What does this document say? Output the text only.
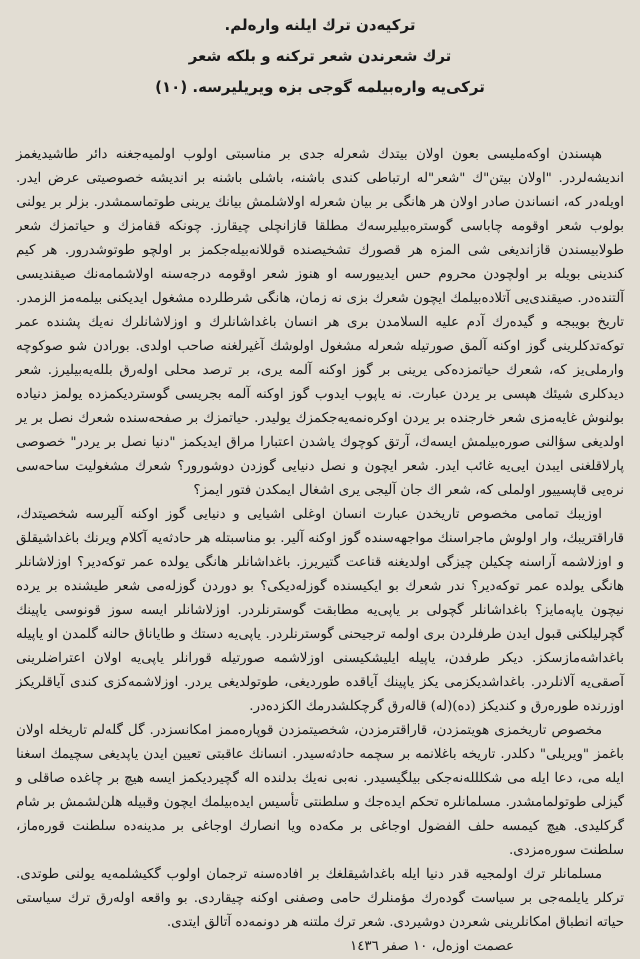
ترکیه‌دن ترك ایلنه واره‌لم.
ترك شعرندن شعر ترکنه و بلکه شعر
ترکی‌یه واره‌بیلمه گوجی بزه ویریلیرسه. (۱۰)

هپسندن اوکه‌ملیسی بعون اولان بیتدك شعرله جدی بر مناسبتی اولوب اولمیه‌جغنه دائر طاشیدیغمز اندیشه‌لردر. "اولان بیتن"ك "شعر"له ارتباطی کندی باشنه، باشلی باشنه بر اندیشه خصوصیتی عرض ایدر. اویله‌در که، انساندن صادر اولان هر هانگی بر بیان شعرله اولاشلمش بیانك یرینی طوتماسمشدر. بزلر بر یولنی بولوب شعر اوقومه چاباسی گوسترەبیلیرسەك مطلقا قازانچلی چیقارز. چونکه قفامزك و حیاتمزك شعر طولابیسندن قازاندیغی شی المزه هر قصورك تشخیصنده قوللانه‌بیله‌جکمز بر اولچو طوتوشدرور. هر کیم کندینی بویله بر اولچودن محروم حس ایدییورسه او هنوز شعر اوقومه درجه‌سنه اولاشمامه‌نك صیقندیسی آلتنده‌در. صیقندی‌یی آتلاده‌بیلمك ایچون شعرك بزی نه زمان، هانگی شرطلرده مشغول ایدیکنی بیلمه‌مز الزمدر. تاریخ بویبجه و گیدەرك آدم علیه السلامدن بری هر انسان باغداشانلرك و اوزلاشانلرك نه‌یك پشنده عمر توکەتدکلرینی گوز اوکنه آلمق صورتیله شعرله مشغول اولوشك آغیرلغنه صاحب اولدی. بورادن شو صوکوچه وارملی‌یز که، شعرك حیاتمزده‌کی یرینی بر گوز اوکنه آلمه یری، بر ترصد محلی اولەرق بللەیه‌بیلیرز. شعر دیدکلری شیئك هپسی بر یردن عبارت. نه یاپوب ایدوب گوز اوکنه آلمه بجریسی گوستردیکمزده یولمز دنیاده بولنوش غایەمزی شعر خارجنده بر یردن اوکره‌نمه‌یه‌جکمزك یولیدر. حیاتمزك بر صفحه‌سنده شعرك نصل بر یر اولدیغی سؤالنی صوره‌بیلمش ایسەك، آرتق کوچوك یاشدن اعتبارا مراق ایدیکمز "دنیا نصل بر یردر" خصوصی پارلاقلغنی ایبدن ایی‌یه غائب ایدر. شعر ایچون و نصل دنیایی گوزدن دوشورور؟ شعرك مشغولیت ساحه‌سی نره‌یی قاپسییور اولملی که، شعر اك جان آلیجی یری اشغال ایمکدن فتور ایمز؟

اوزیبك تمامی مخصوص تاریخدن عبارت انسان اوغلی اشیایی و دنیایی گوز اوکنه آلیرسه شخصیتدك، قاراقتریبك، وار اولوش ماجراسنك مواجهه‌سنده گوز اوکنه آلیر. بو مناسبتله هر حادثه‌یه آکلام ویرنك باغداشیقلق و اوزلاشمه آراسنه چکیلن چیزگی اولدیغنه قناعت گتیریرز. باغداشانلر هانگی یولده عمر توکەدیر؟ اوزلاشانلر هانگی یولده عمر توکەدیر؟ ندر شعرك بو ایکیسنده گوزلەدیکی؟ بو دوردن گوزلەمی شعر طیشنده بر یرده نیچون یاپەمایز؟ باغداشانلر گچولی بر یاپی‌یه مطابقت گوسترنلردر. اوزلاشانلر ایسه سوز قونوسی یاپینك گچرلیلکنی قبول ایدن طرفلردن بری اولمه ترجیحنی گوسترنلردر. یاپی‌یه دستك و طایاناق حالنه گلمدن او یاپیله باغداشه‌مازسکز. دیکر طرفدن، یاپیله ایلیشکیسنی اوزلاشمه صورتیله قورانلر یاپی‌یه اولان اعتراضلرینی آصقی‌یه آلانلردر. باغداشدیکزمی یکز یاپینك آیاقده طوردیغی، طوتولدیغی یردر. اوزلاشمه‌کزی کندی آیاقلریکز اوزرنده طورەرق و کندیکز (ده)(له) قالەرق گرچکلشدرمك الکزده‌در.

مخصوص تاریخمزی هویتمزدن، قاراقترمزدن، شخصیتمزدن قوپارەممز امکانسزدر. گل گلەلم تاریخله اولان باغمز "ویریلی" دکلدر. تاریخه باغلانمه بر سچمه حادثه‌سیدر. انسانك عاقبتی تعیین ایدن یاپدیغی سچیمك اسغنا ایله می، دعا ایله می شکلللەنه‌جکی بیلگیسیدر. نەبی نه‌یك بدلنده اله گچیردیکمز ایسه هیچ بر چاغده صاقلی و گیزلی طوتولمامشدر. مسلمانلره تحکم ایده‌جك و سلطنتی تأسیس ایده‌بیلمك ایچون وقبیله هلن‌لشمش بر شام گرکلیدی. هیچ کیمسه حلف الفضول اوجاغی بر مکه‌ده ویا انصارك اوجاغی بر مدینه‌ده سلطنت قورەماز، سلطنت سوره‌مزدی.

مسلمانلر ترك اولمجیه قدر دنیا ایله باغداشیقلغك بر افاده‌سنه ترجمان اولوب گکیشلمه‌یه یولنی طوتدی. ترکلر یایلمەجی بر سیاست گوده‌رك مؤمنلرك حامی وصفنی اوکنه چیقاردی. بو واقعه اولەرق ترك سیاستی حیاته انطباق امکانلرینی شعردن دوشیردی. شعر ترك ملتنه هر دونمەده آتالق ایتدی.

عصمت اوزەل، ۱۰ صفر ۱٤۳٦
